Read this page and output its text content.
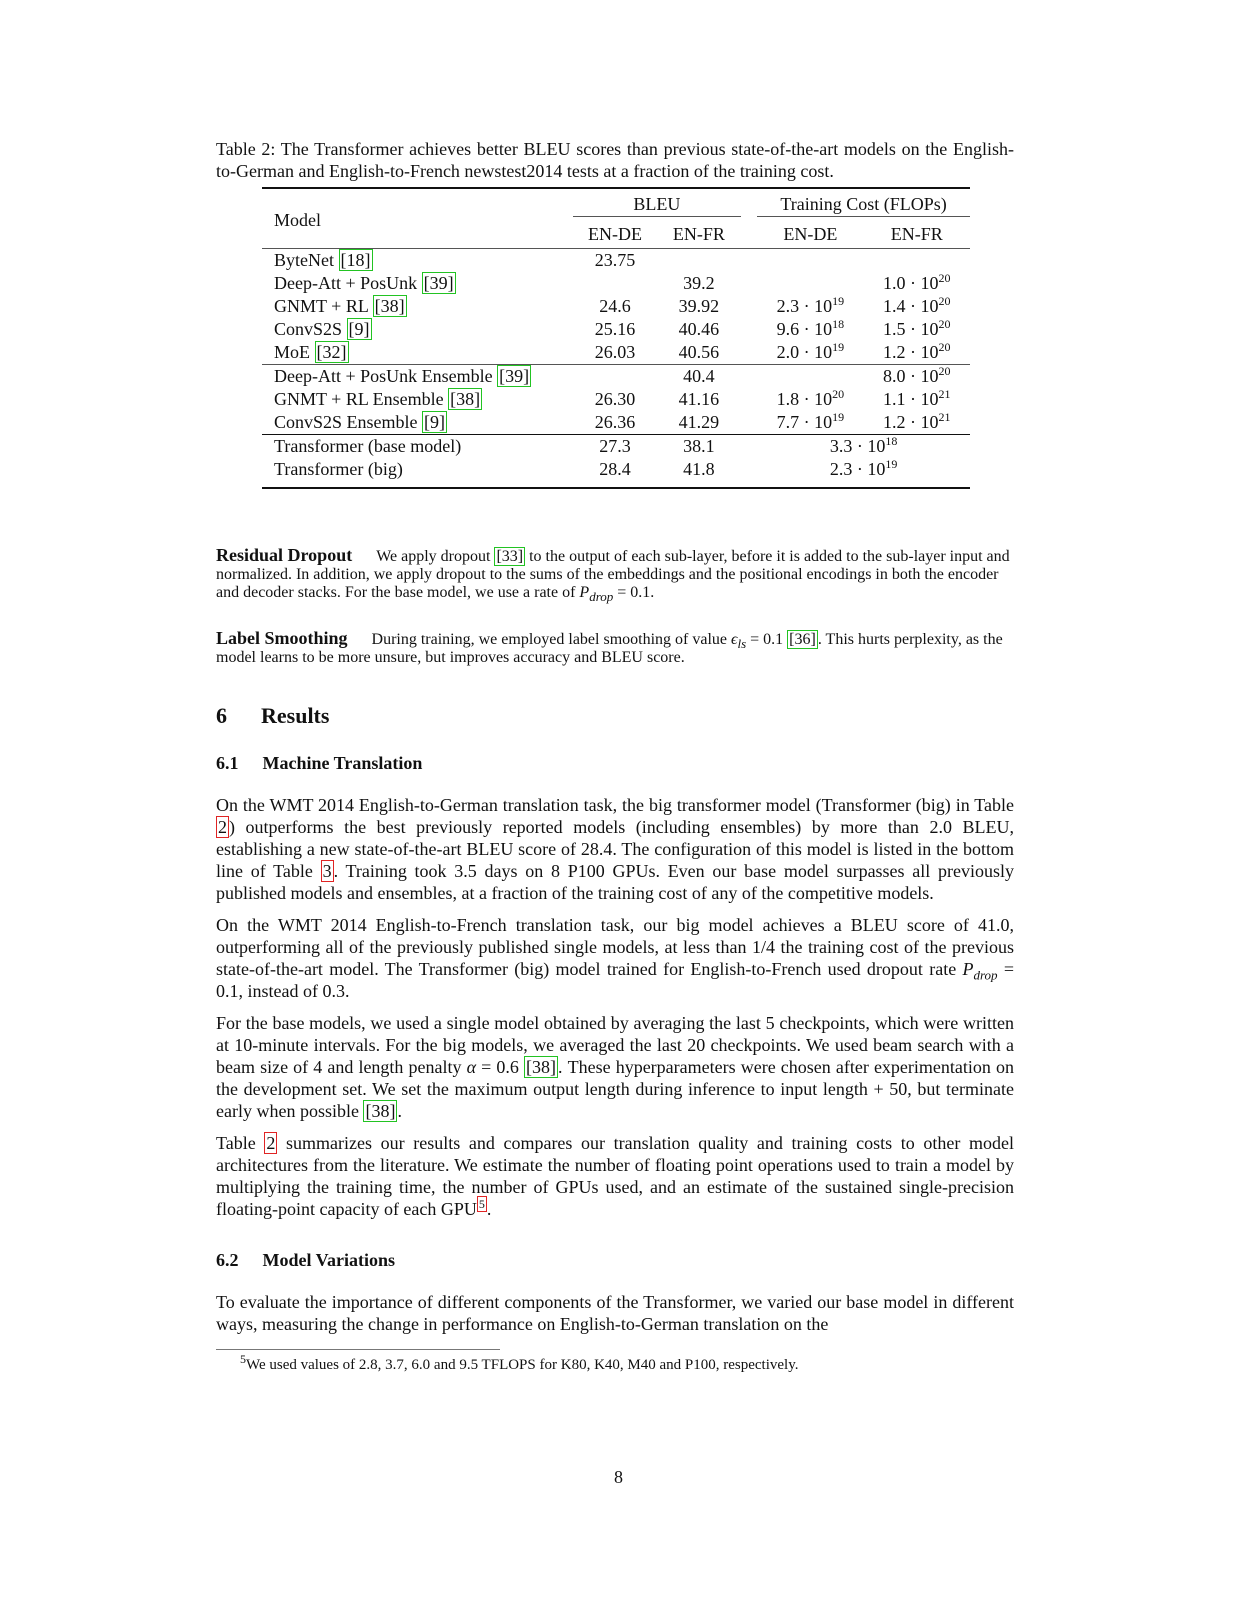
Table 2: The Transformer achieves better BLEU scores than previous state-of-the-art models on the English-to-German and English-to-French newstest2014 tests at a fraction of the training cost.
Model	BLEU			Training Cost (FLOPs)	
	EN-DE	EN-FR		EN-DE	EN-FR
ByteNet [18]	23.75				
Deep-Att + PosUnk [39]		39.2			$1.0 \cdot 10^{20}$
GNMT + RL [38]	24.6	39.92		$2.3 \cdot 10^{19}$	$1.4 \cdot 10^{20}$
ConvS2S [9]	25.16	40.46		$9.6 \cdot 10^{18}$	$1.5 \cdot 10^{20}$
MoE [32]	26.03	40.56		$2.0 \cdot 10^{19}$	$1.2 \cdot 10^{20}$
Deep-Att + PosUnk Ensemble [39]		40.4			$8.0 \cdot 10^{20}$
GNMT + RL Ensemble [38]	26.30	41.16		$1.8 \cdot 10^{20}$	$1.1 \cdot 10^{21}$
ConvS2S Ensemble [9]	26.36	41.29		$7.7 \cdot 10^{19}$	$1.2 \cdot 10^{21}$
Transformer (base model)	27.3	38.1		$3.3 \cdot 10^{18}$
Transformer (big)	28.4	41.8		$2.3 \cdot 10^{19}$

Residual Dropout We apply dropout [33] to the output of each sub-layer, before it is added to the sub-layer input and normalized. In addition, we apply dropout to the sums of the embeddings and the positional encodings in both the encoder and decoder stacks. For the base model, we use a rate of $P_{drop} = 0.1$.

Label Smoothing During training, we employed label smoothing of value $\epsilon_{ls} = 0.1$ [36] . This hurts perplexity, as the model learns to be more unsure, but improves accuracy and BLEU score.

6 Results
6.1 Machine Translation

On the WMT 2014 English-to-German translation task, the big transformer model (Transformer (big) in Table 2 ) outperforms the best previously reported models (including ensembles) by more than 2.0 BLEU, establishing a new state-of-the-art BLEU score of 28.4. The configuration of this model is listed in the bottom line of Table 3 . Training took 3.5 days on 8 P100 GPUs. Even our base model surpasses all previously published models and ensembles, at a fraction of the training cost of any of the competitive models.

On the WMT 2014 English-to-French translation task, our big model achieves a BLEU score of 41.0, outperforming all of the previously published single models, at less than 1/4 the training cost of the previous state-of-the-art model. The Transformer (big) model trained for English-to-French used dropout rate $P_{drop} = 0.1$, instead of 0.3.

For the base models, we used a single model obtained by averaging the last 5 checkpoints, which were written at 10-minute intervals. For the big models, we averaged the last 20 checkpoints. We used beam search with a beam size of 4 and length penalty α = 0.6 [38] . These hyperparameters were chosen after experimentation on the development set. We set the maximum output length during inference to input length + 50, but terminate early when possible [38] .

Table 2 summarizes our results and compares our translation quality and training costs to other model architectures from the literature. We estimate the number of floating point operations used to train a model by multiplying the training time, the number of GPUs used, and an estimate of the sustained single-precision floating-point capacity of each GPU $^5$ .

6.2 Model Variations

To evaluate the importance of different components of the Transformer, we varied our base model in different ways, measuring the change in performance on English-to-German translation on the

$^5$We used values of 2.8, 3.7, 6.0 and 9.5 TFLOPS for K80, K40, M40 and P100, respectively.
8
